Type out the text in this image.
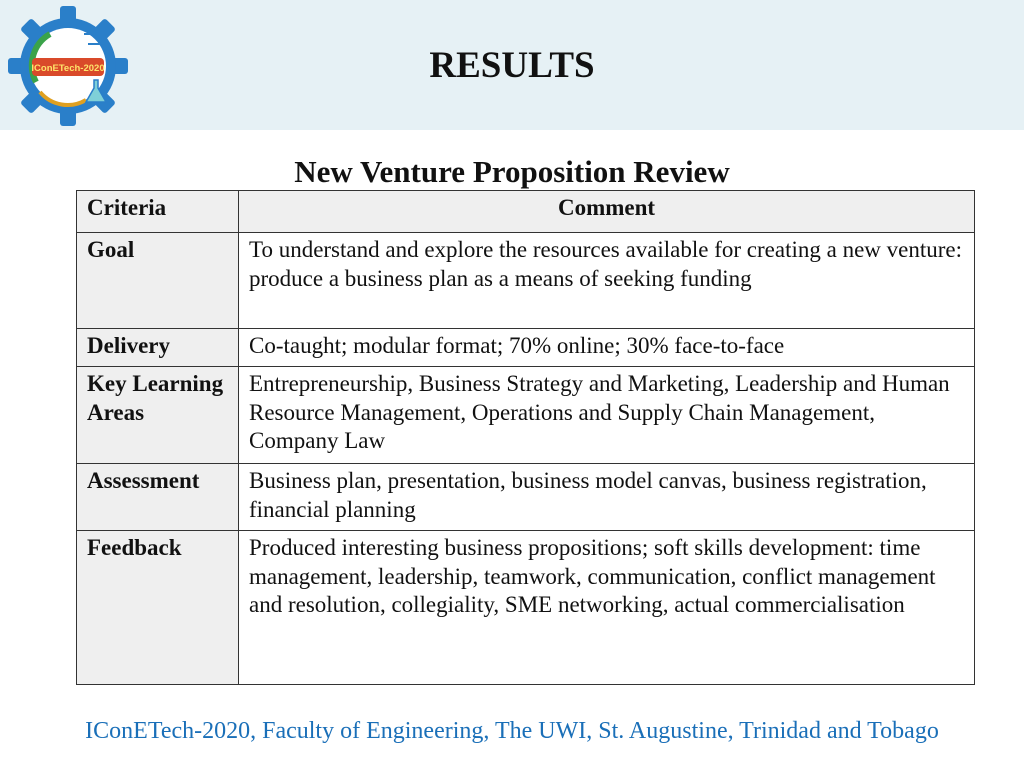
IConETech-2020	RESULTS
New Venture Proposition Review
Criteria	Comment
Goal	To understand and explore the resources available for creating a new venture: produce a business plan as a means of seeking funding
Delivery	Co-taught; modular format; 70% online; 30% face-to-face
Key Learning Areas	Entrepreneurship, Business Strategy and Marketing, Leadership and Human Resource Management, Operations and Supply Chain Management, Company Law
Assessment	Business plan, presentation, business model canvas, business registration, financial planning
Feedback	Produced interesting business propositions; soft skills development: time management, leadership, teamwork, communication, conflict management and resolution, collegiality, SME networking, actual commercialisation
IConETech-2020, Faculty of Engineering, The UWI, St. Augustine, Trinidad and Tobago
